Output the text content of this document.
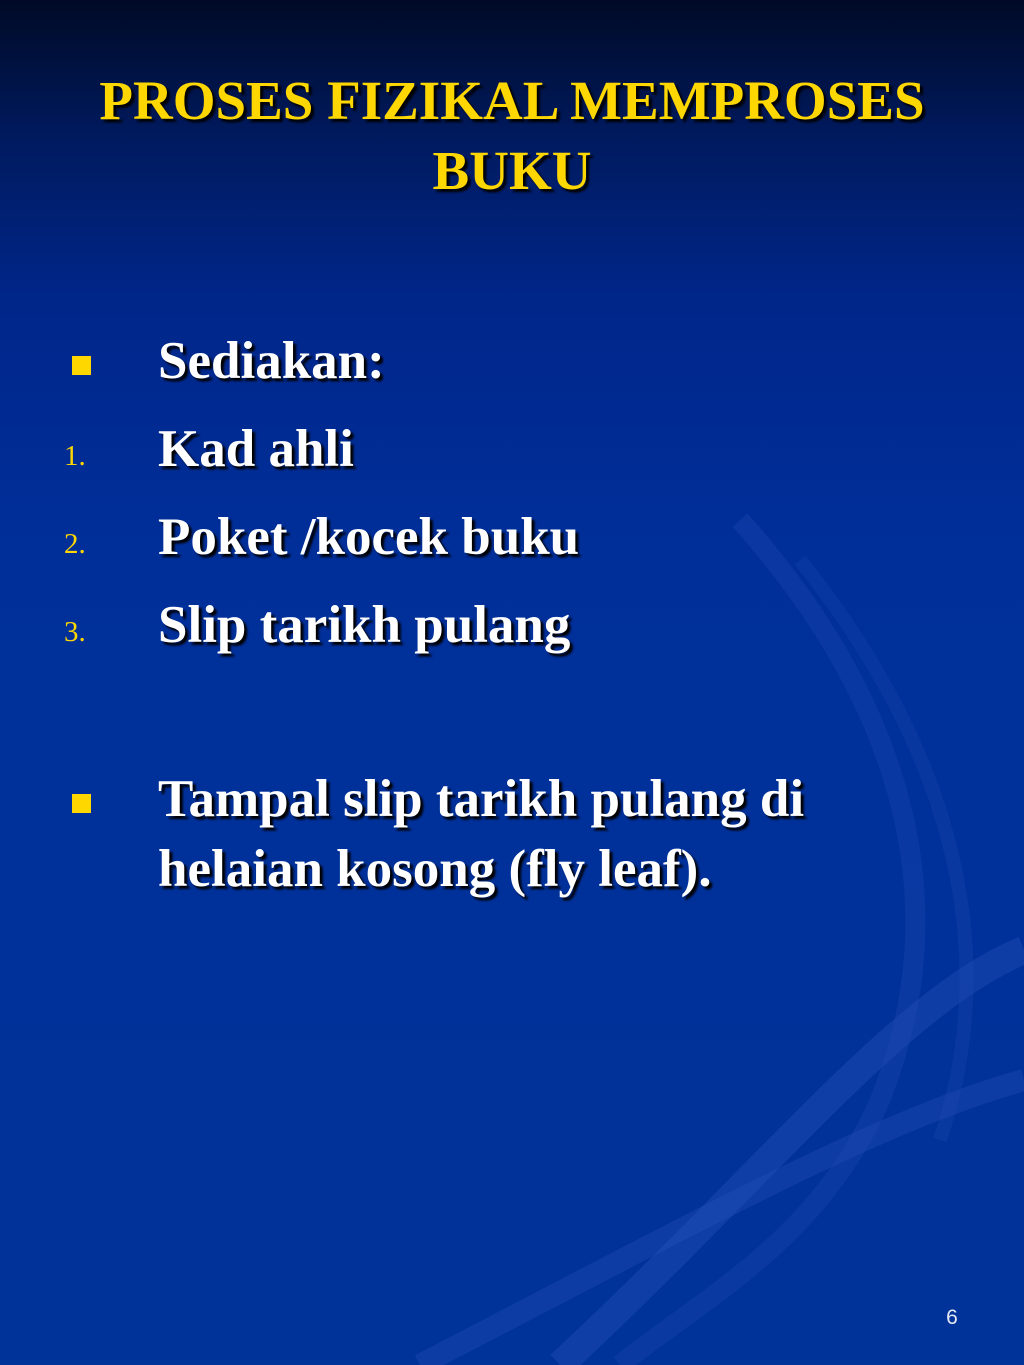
PROSES FIZIKAL MEMPROSES BUKU
Sediakan:
1. Kad ahli
2. Poket /kocek buku
3. Slip tarikh pulang
Tampal slip tarikh pulang di helaian kosong (fly leaf).
6
